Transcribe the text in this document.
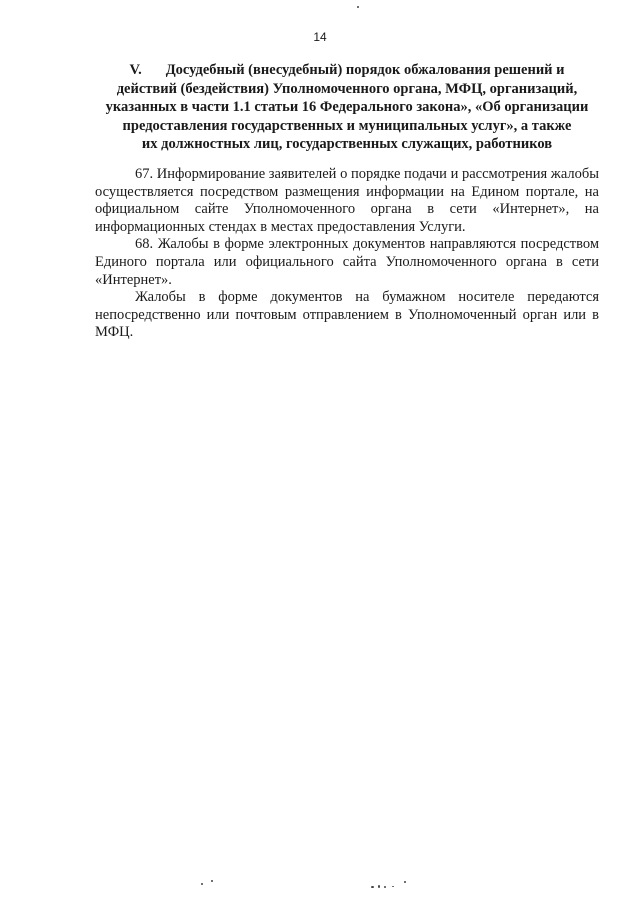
14
V. Досудебный (внесудебный) порядок обжалования решений и
действий (бездействия) Уполномоченного органа, МФЦ, организаций,
указанных в части 1.1 статьи 16 Федерального закона», «Об организации
предоставления государственных и муниципальных услуг», а также
их должностных лиц, государственных служащих, работников

67. Информирование заявителей о порядке подачи и рассмотрения жалобы осуществляется посредством размещения информации на Едином портале, на официальном сайте Уполномоченного органа в сети «Интернет», на информационных стендах в местах предоставления Услуги.

68. Жалобы в форме электронных документов направляются посредством Единого портала или официального сайта Уполномоченного органа в сети «Интернет».

Жалобы в форме документов на бумажном носителе передаются непосредственно или почтовым отправлением в Уполномоченный орган или в МФЦ.
